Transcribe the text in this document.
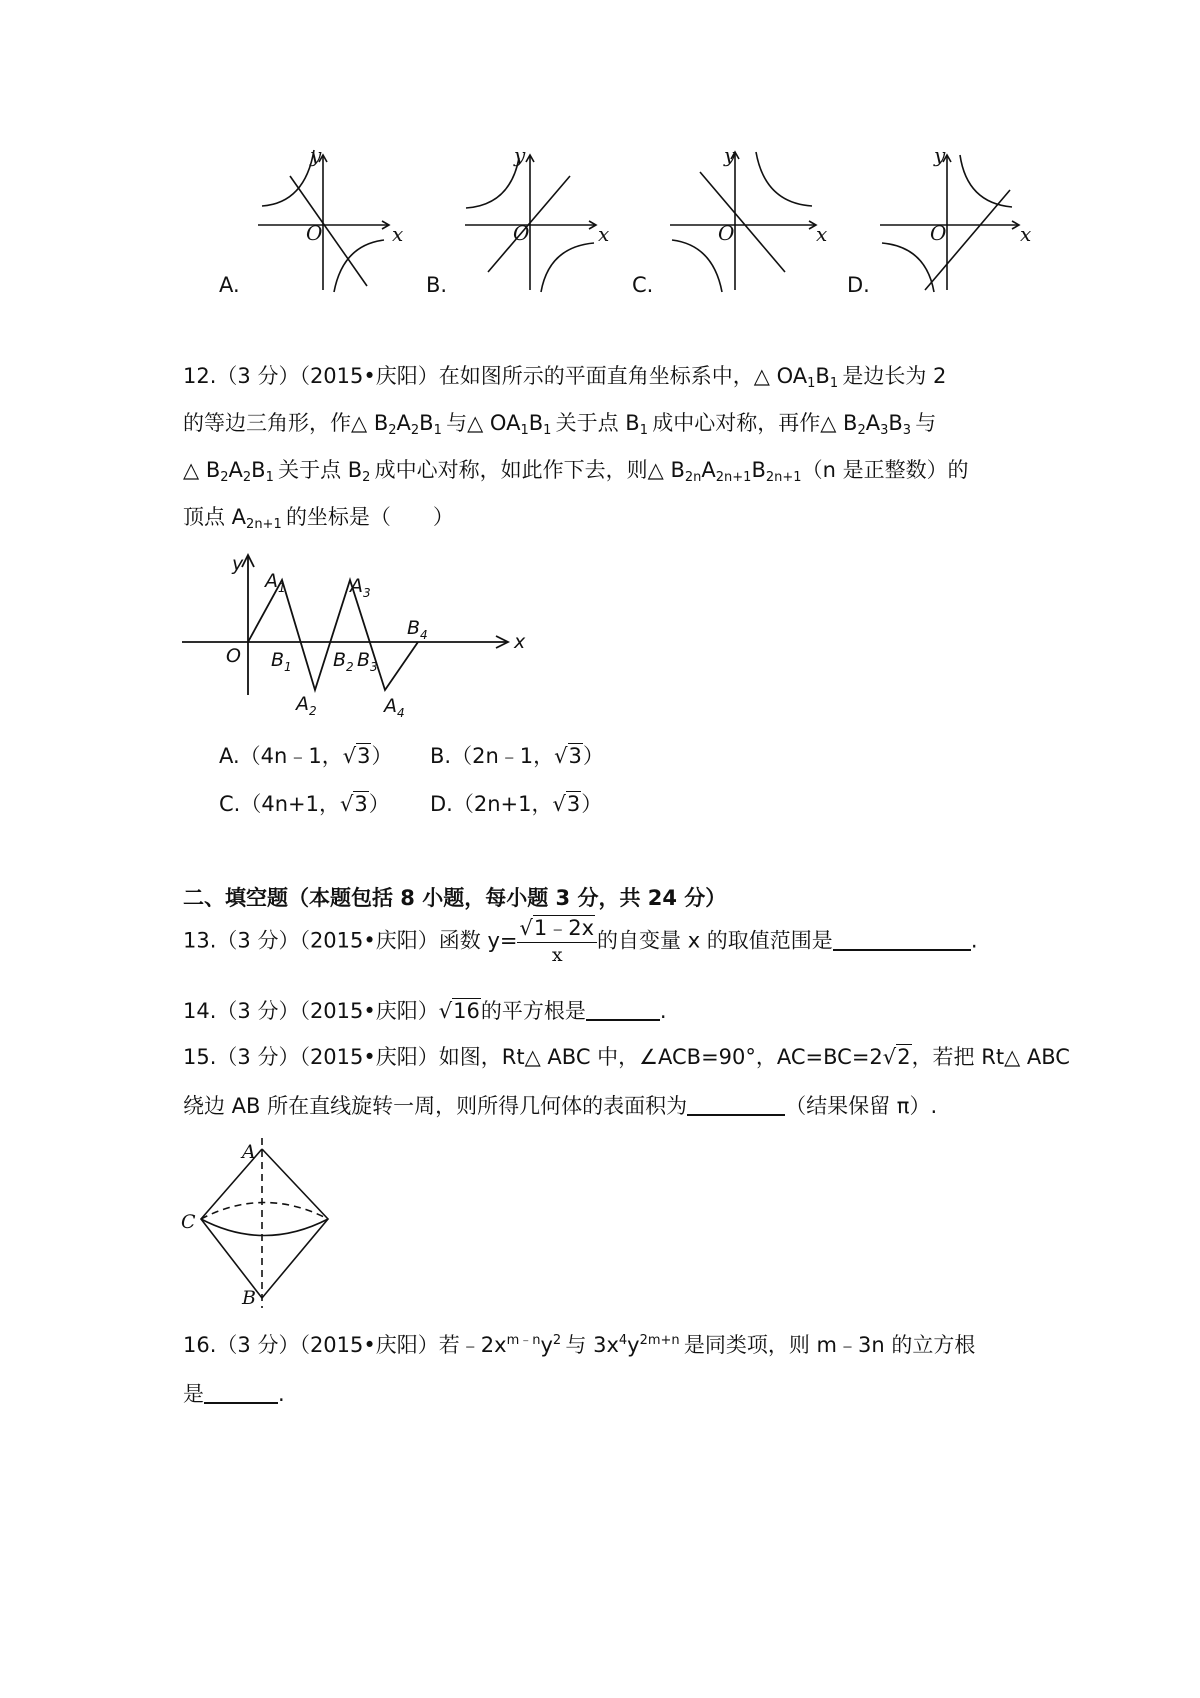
y
O	x
y
O	x
y
O	x
y
O	x
A.	B.	C.	D.
12.（3 分）（2015•庆阳）在如图所示的平面直角坐标系中，△ $OA_1B_1$  是边长为 2
的等边三角形，作△ $B_2A_2B_1$  与△ $OA_1B_1$  关于点 $B_1$  成中心对称，再作△ $B_2A_3B_3$  与
△ $B_2A_2B_1$  关于点 $B_2$  成中心对称，如此作下去，则△ $B_{2n}A_{2n+1}B_{2n+1}(n$ 是正整数）的
顶点 $A_{2n+1}$  的坐标是（　　）
y
x
O
$A_1$	$A_3$
$B_4$
$B_1$ $B_2$ $B_3$
$A_2$	$A_4$
A.（4n﹣1，√3） B.（2n﹣1，√3）
C.（4n+1，√3） D.（2n+1，√3）
二、填空题（本题包括 8 小题，每小题 3 分，共 24 分）
13.（3 分）（2015•庆阳）函数 $y= \frac{√1﹣2x}{x}$ 的自变量 x 的取值范围是	.
14.（3 分）（2015•庆阳）√16的平方根是	.
15.（3 分）（2015•庆阳）如图，Rt△ ABC 中，∠ACB=90°，AC=BC=2√2，若把 Rt△ ABC
绕边 AB 所在直线旋转一周，则所得几何体的表面积为	（结果保留 π）.
A
C
B
16.（3 分）（2015•庆阳）若$﹣2x^{m﹣n}y^2$  与 $3x^4y^{2m+n}$  是同类项，则 m﹣3n 的立方根
是	.
